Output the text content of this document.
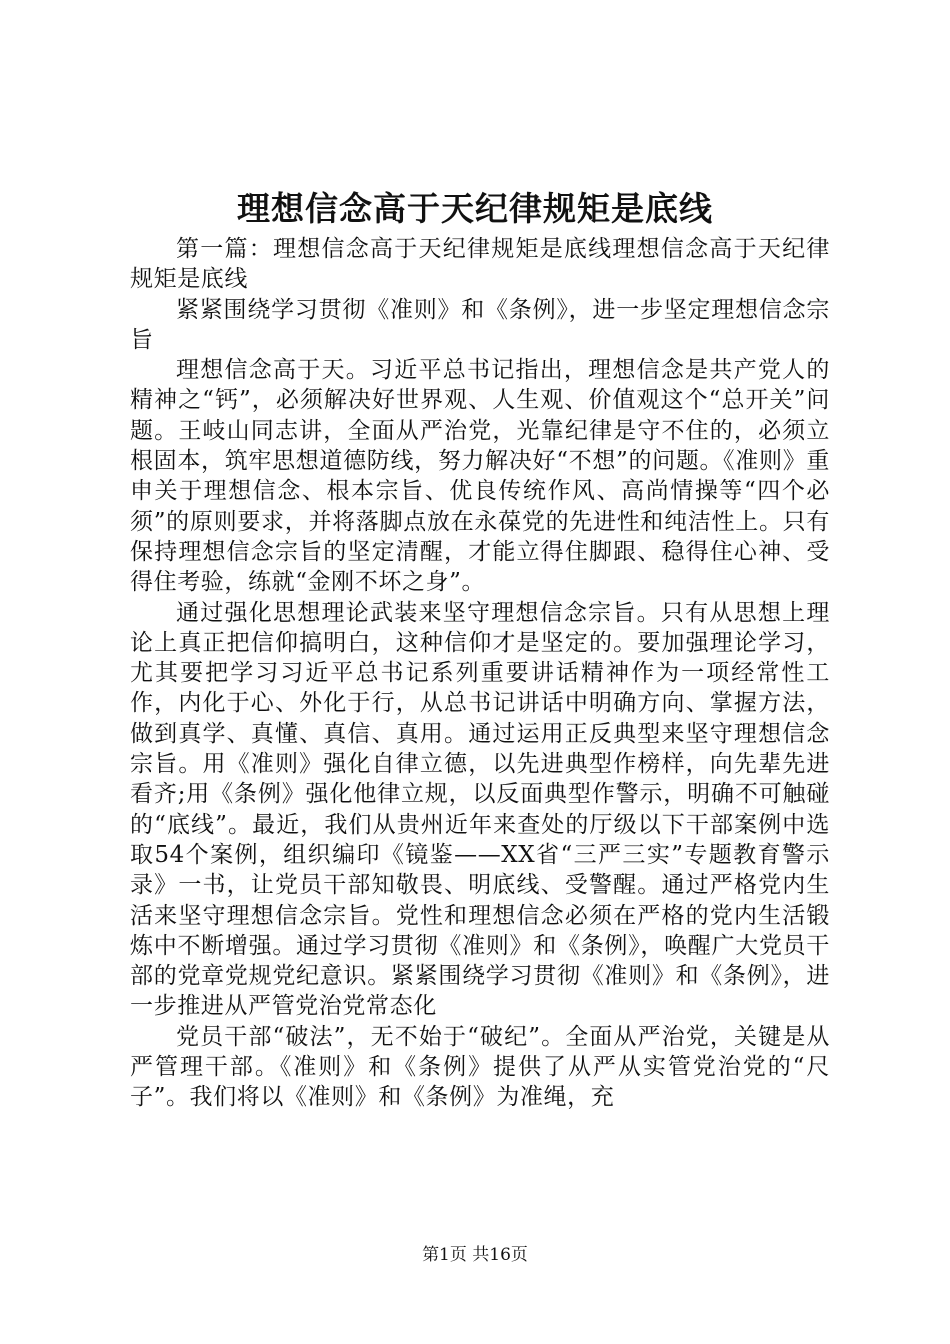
理想信念高于天纪律规矩是底线

第一篇：理想信念高于天纪律规矩是底线理想信念高于天纪律规矩是底线

紧紧围绕学习贯彻《准则》和《条例》，进一步坚定理想信念宗旨

理想信念高于天。习近平总书记指出，理想信念是共产党人的精神之“钙”，必须解决好世界观、人生观、价值观这个“总开关”问题。王岐山同志讲，全面从严治党，光靠纪律是守不住的，必须立根固本，筑牢思想道德防线，努力解决好“不想”的问题。《准则》重申关于理想信念、根本宗旨、优良传统作风、高尚情操等“四个必须”的原则要求，并将落脚点放在永葆党的先进性和纯洁性上。只有保持理想信念宗旨的坚定清醒，才能立得住脚跟、稳得住心神、受得住考验，练就“金刚不坏之身”。

通过强化思想理论武装来坚守理想信念宗旨。只有从思想上理论上真正把信仰搞明白，这种信仰才是坚定的。要加强理论学习，尤其要把学习习近平总书记系列重要讲话精神作为一项经常性工作，内化于心、外化于行，从总书记讲话中明确方向、掌握方法，做到真学、真懂、真信、真用。通过运用正反典型来坚守理想信念宗旨。用《准则》强化自律立德，以先进典型作榜样，向先辈先进看齐;用《条例》强化他律立规，以反面典型作警示，明确不可触碰的“底线”。最近，我们从贵州近年来查处的厅级以下干部案例中选取54个案例，组织编印《镜鉴——XX省“三严三实”专题教育警示录》一书，让党员干部知敬畏、明底线、受警醒。通过严格党内生活来坚守理想信念宗旨。党性和理想信念必须在严格的党内生活锻炼中不断增强。通过学习贯彻《准则》和《条例》，唤醒广大党员干部的党章党规党纪意识。紧紧围绕学习贯彻《准则》和《条例》，进一步推进从严管党治党常态化

党员干部“破法”，无不始于“破纪”。全面从严治党，关键是从严管理干部。《准则》和《条例》提供了从严从实管党治党的“尺子”。我们将以《准则》和《条例》为准绳，充

第1页 共16页
